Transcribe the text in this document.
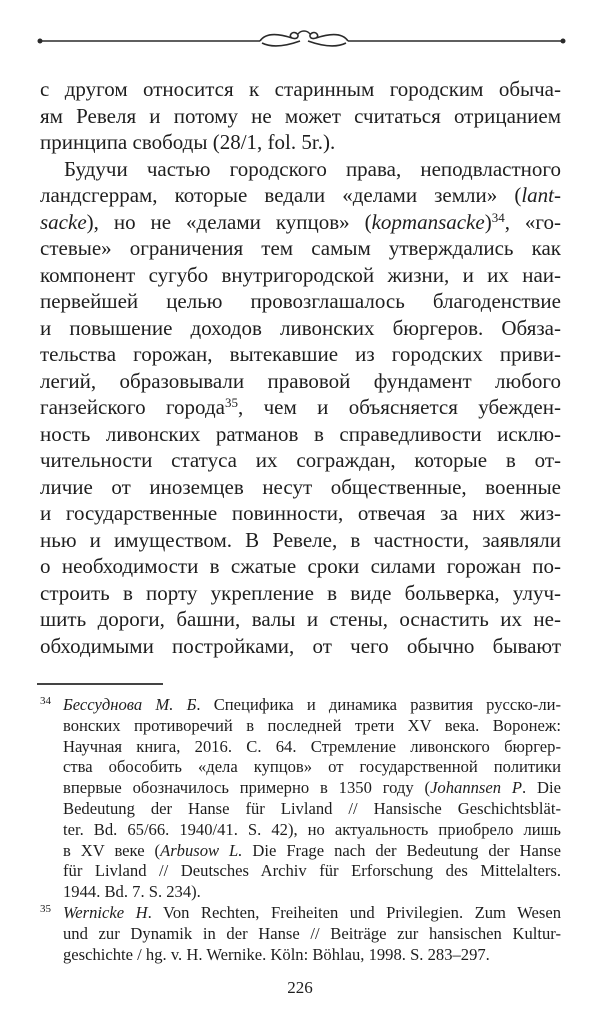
с другом относится к старинным городским обыча-
ям Ревеля и потому не может считаться отрицанием
принципа свободы (28/1, fol. 5r.).
Будучи частью городского права, неподвластного
ландсгеррам, которые ведали «делами земли» (lant-
sacke), но не «делами купцов» (kopmansacke)$^{34}$, «го-
стевые» ограничения тем самым утверждались как
компонент сугубо внутригородской жизни, и их наи-
первейшей целью провозглашалось благоденствие
и повышение доходов ливонских бюргеров. Обяза-
тельства горожан, вытекавшие из городских приви-
легий, образовывали правовой фундамент любого
ганзейского города$^{35}$, чем и объясняется убежден-
ность ливонских ратманов в справедливости исклю-
чительности статуса их сограждан, которые в от-
личие от иноземцев несут общественные, военные
и государственные повинности, отвечая за них жиз-
нью и имуществом. В Ревеле, в частности, заявляли
о необходимости в сжатые сроки силами горожан по-
строить в порту укрепление в виде больверка, улуч-
шить дороги, башни, валы и стены, оснастить их не-
обходимыми постройками, от чего обычно бывают
34 Бессуднова М. Б. Специфика и динамика развития русско-ли-
вонских противоречий в последней трети XV века. Воронеж:
Научная книга, 2016. С. 64. Стремление ливонского бюргер-
ства обособить «дела купцов» от государственной политики
впервые обозначилось примерно в 1350 году (Johannsen P. Die
Bedeutung der Hanse für Livland // Hansische Geschichtsblät-
ter. Bd. 65/66. 1940/41. S. 42), но актуальность приобрело лишь
в XV веке (Arbusow L. Die Frage nach der Bedeutung der Hanse
für Livland // Deutsches Archiv für Erforschung des Mittelalters.
1944. Bd. 7. S. 234).
35 Wernicke H. Von Rechten, Freiheiten und Privilegien. Zum Wesen
und zur Dynamik in der Hanse // Beiträge zur hansischen Kultur-
geschichte / hg. v. H. Wernike. Köln: Böhlau, 1998. S. 283–297.
226
